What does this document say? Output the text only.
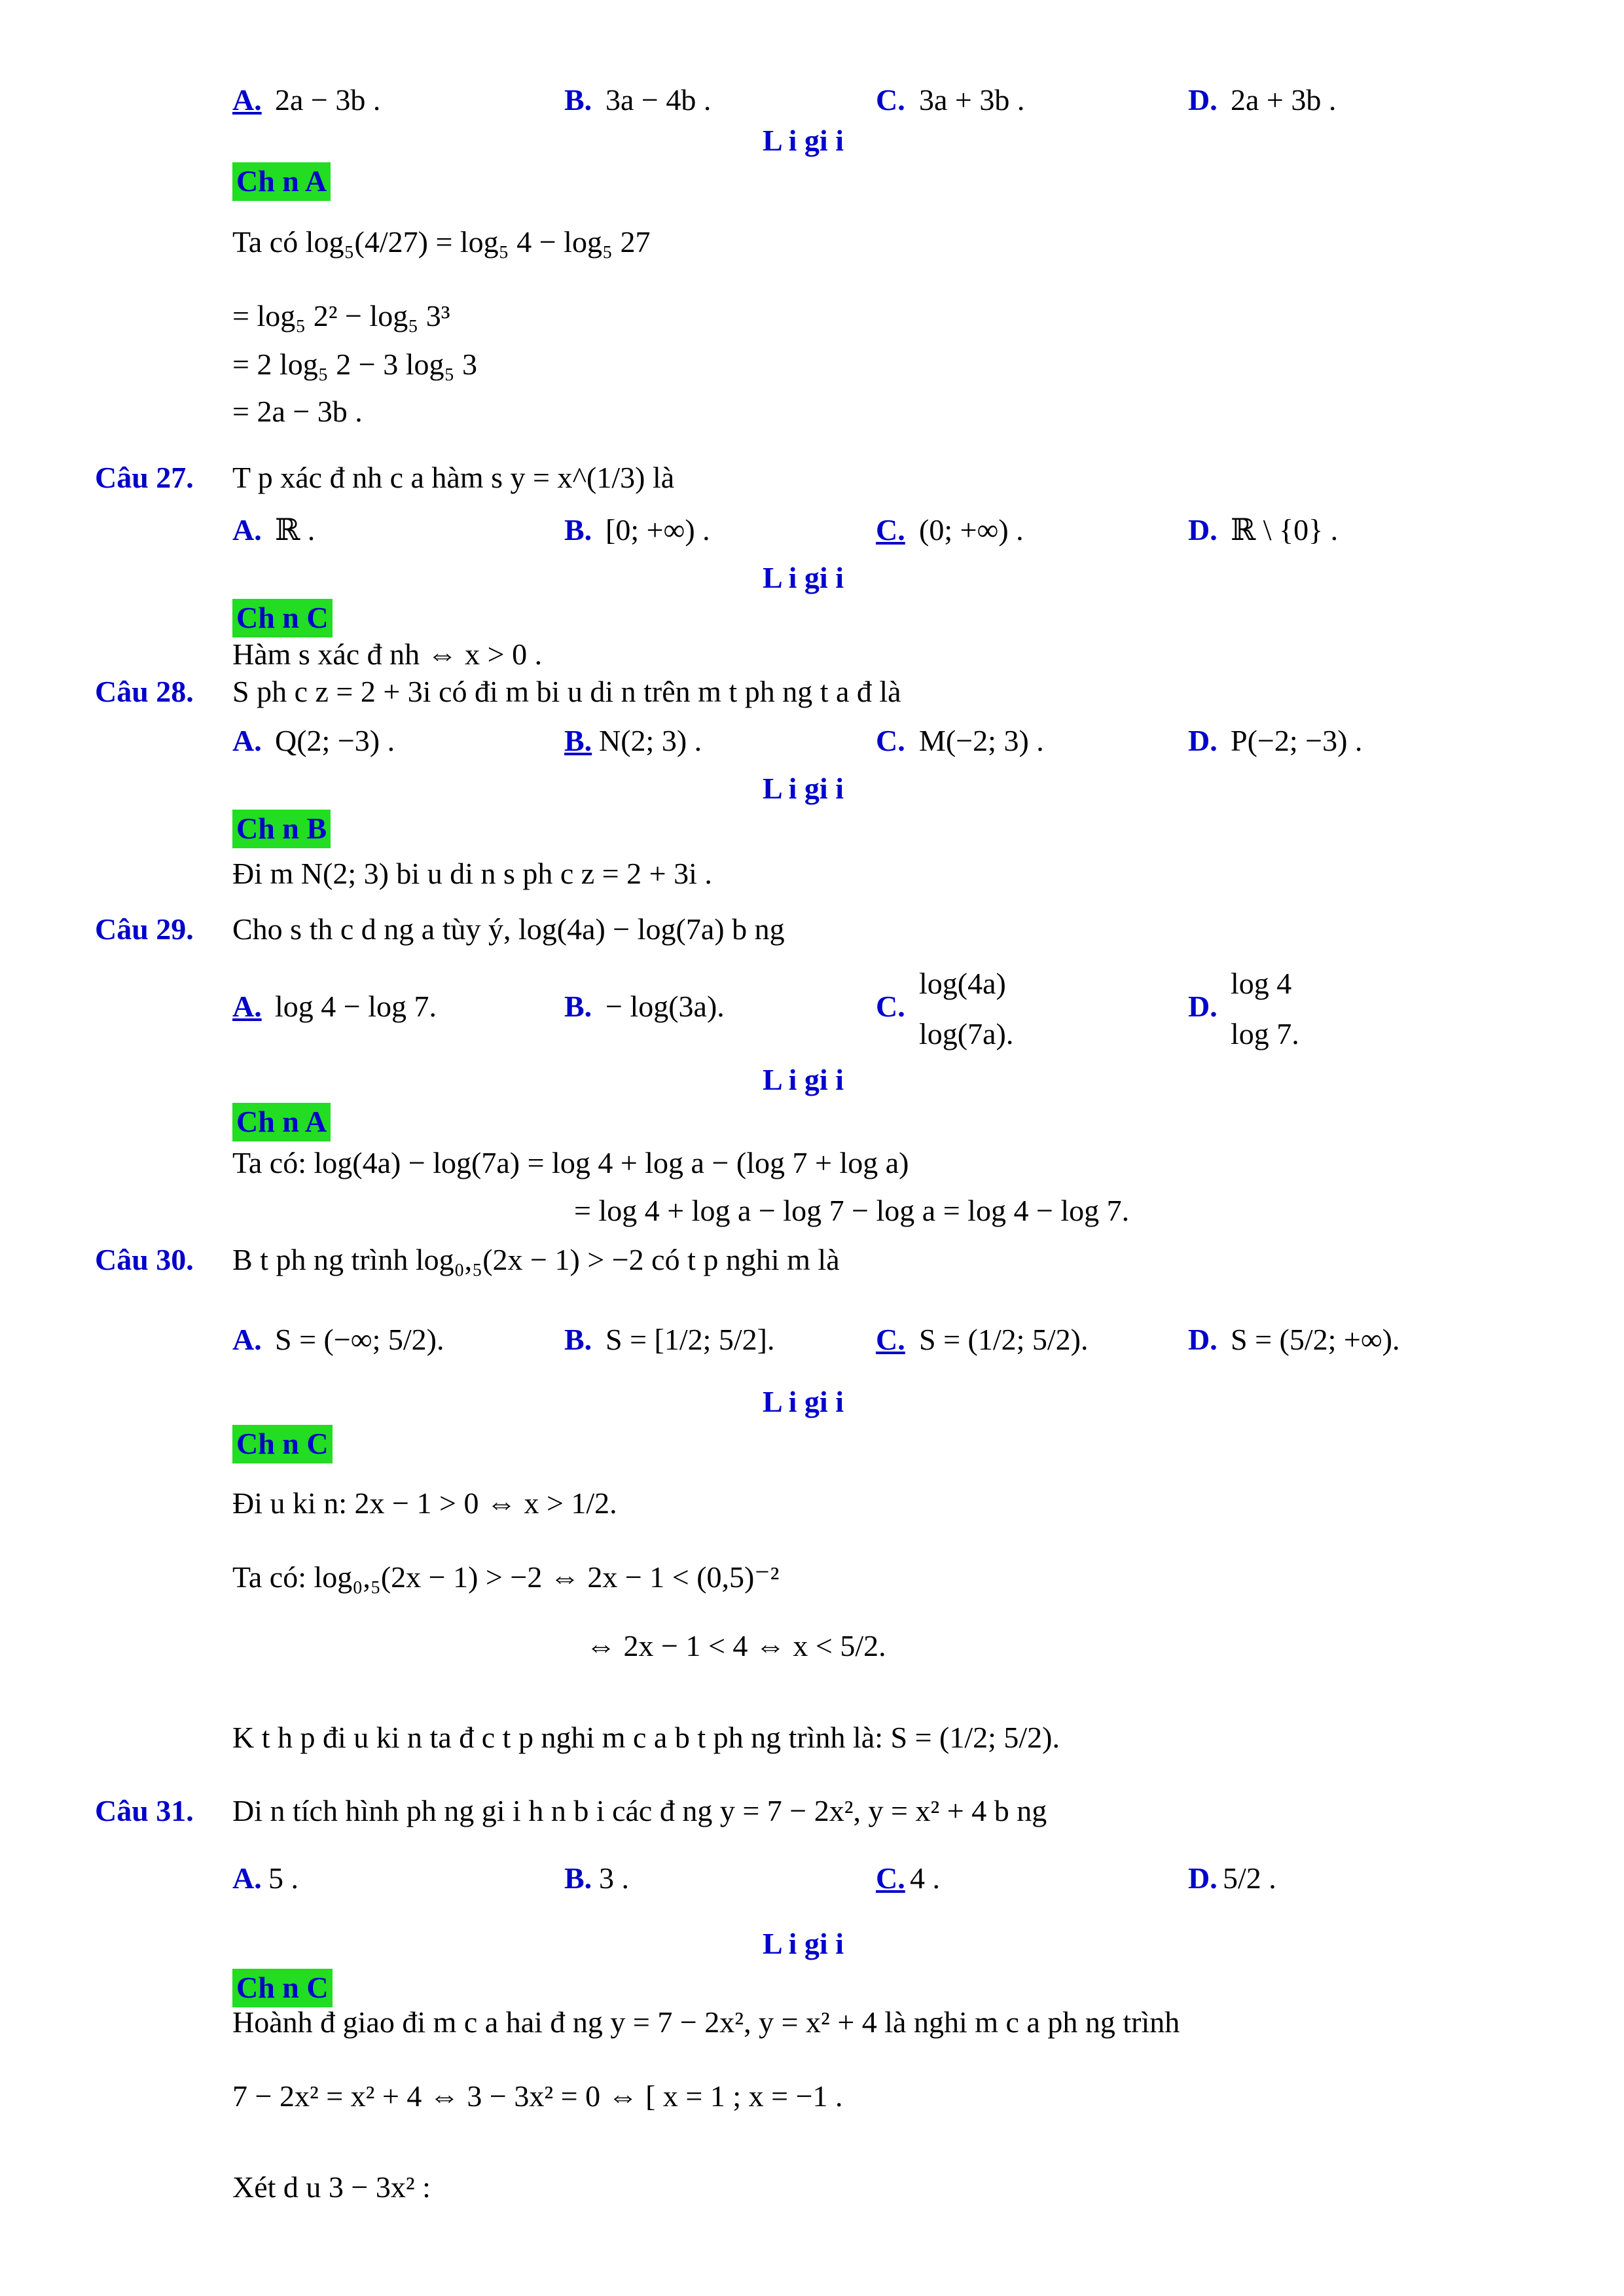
A. 2a − 3b .	B. 3a − 4b .	C. 3a + 3b .	D. 2a + 3b .
L i gi i
Ch n A
Ta có log₅(4/27) = log₅ 4 − log₅ 27
= log₅ 2² − log₅ 3³
= 2 log₅ 2 − 3 log₅ 3
= 2a − 3b .
Câu 27. T p xác đ nh c a hàm s y = x^(1/3) là
A. ℝ .	B. [0; +∞) .	C. (0; +∞) .	D. ℝ \ {0} .
L i gi i
Ch n C
Hàm s xác đ nh ⇔ x > 0 .
Câu 28. S ph c z = 2 + 3i có đi m bi u di n trên m t ph ng t a đ là
A. Q(2; −3) .	B. N(2; 3) .	C. M(−2; 3) .	D. P(−2; −3) .
L i gi i
Ch n B
Đi m N(2; 3) bi u di n s ph c z = 2 + 3i .
Câu 29. Cho s th c d ng a tùy ý, log(4a) − log(7a) b ng
A. log 4 − log 7.	B. − log(3a).	C.
log(4a)
log(7a).
D.
log 4
log 7.
L i gi i
Ch n A
Ta có: log(4a) − log(7a) = log 4 + log a − (log 7 + log a)
= log 4 + log a − log 7 − log a = log 4 − log 7.
Câu 30. B t ph ng trình log₀,₅(2x − 1) > −2 có t p nghi m là
A. S = (−∞; 5/2).	B. S = [1/2; 5/2].	C. S = (1/2; 5/2).	D. S = (5/2; +∞).
L i gi i
Ch n C
Đi u ki n: 2x − 1 > 0 ⇔ x > 1/2.
Ta có: log₀,₅(2x − 1) > −2 ⇔ 2x − 1 < (0,5)⁻²
⇔ 2x − 1 < 4 ⇔ x < 5/2.
K t h p đi u ki n ta đ c t p nghi m c a b t ph ng trình là: S = (1/2; 5/2).
Câu 31. Di n tích hình ph ng gi i h n b i các đ ng y = 7 − 2x², y = x² + 4 b ng
A. 5 .	B. 3 .	C. 4 .	D. 5/2 .
L i gi i
Ch n C
Hoành đ giao đi m c a hai đ ng y = 7 − 2x², y = x² + 4 là nghi m c a ph ng trình
7 − 2x² = x² + 4 ⇔ 3 − 3x² = 0 ⇔ [ x = 1 ; x = −1 .
Xét d u 3 − 3x² :
